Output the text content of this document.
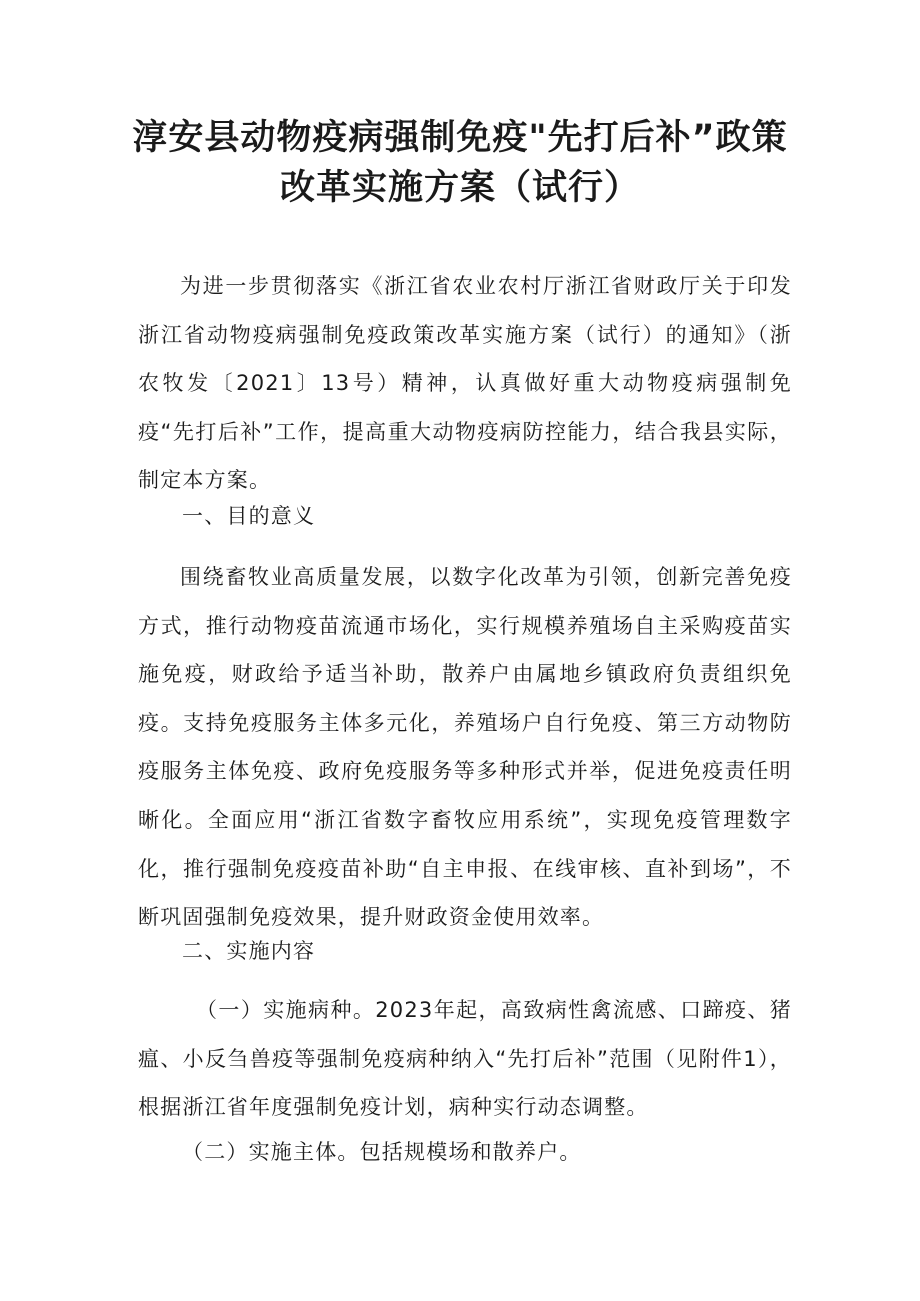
淳安县动物疫病强制免疫"先打后补”政策
改革实施方案（试行）

为进一步贯彻落实《浙江省农业农村厅浙江省财政厅关于印发浙江省动物疫病强制免疫政策改革实施方案（试行）的通知》（浙农牧发〔2021〕13号）精神，认真做好重大动物疫病强制免疫“先打后补”工作，提高重大动物疫病防控能力，结合我县实际，制定本方案。

一、目的意义

围绕畜牧业高质量发展，以数字化改革为引领，创新完善免疫方式，推行动物疫苗流通市场化，实行规模养殖场自主采购疫苗实施免疫，财政给予适当补助，散养户由属地乡镇政府负责组织免疫。支持免疫服务主体多元化，养殖场户自行免疫、第三方动物防疫服务主体免疫、政府免疫服务等多种形式并举，促进免疫责任明晰化。全面应用“浙江省数字畜牧应用系统”，实现免疫管理数字化，推行强制免疫疫苗补助“自主申报、在线审核、直补到场”，不断巩固强制免疫效果，提升财政资金使用效率。

二、实施内容

（一）实施病种。2023年起，高致病性禽流感、口蹄疫、猪瘟、小反刍兽疫等强制免疫病种纳入“先打后补”范围（见附件1），根据浙江省年度强制免疫计划，病种实行动态调整。

（二）实施主体。包括规模场和散养户。
